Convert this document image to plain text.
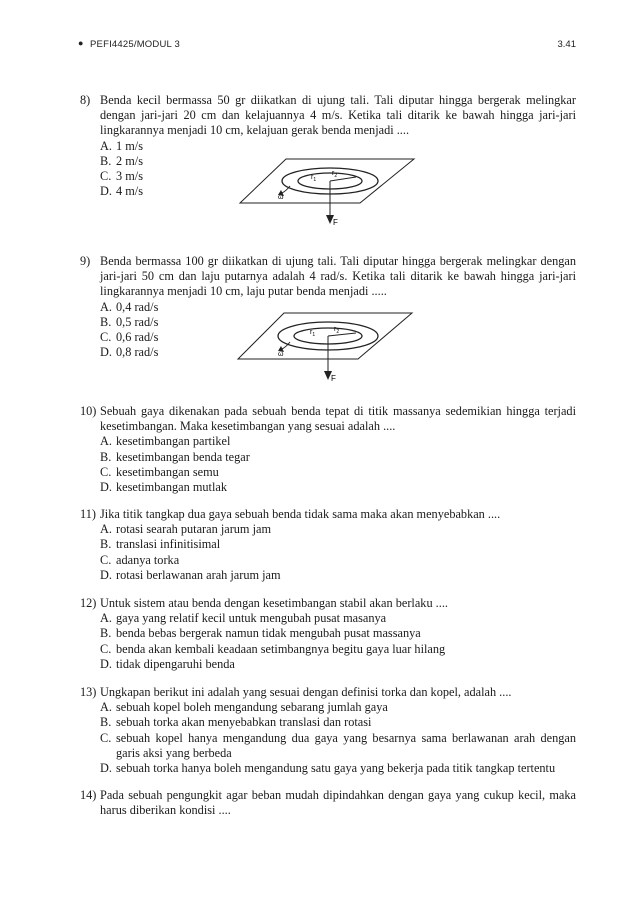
● PEFI4425/MODUL 3	3.41
8) Benda kecil bermassa 50 gr diikatkan di ujung tali. Tali diputar hingga bergerak melingkar dengan jari-jari 20 cm dan kelajuannya 4 m/s. Ketika tali ditarik ke bawah hingga jari-jari lingkarannya menjadi 10 cm, kelajuan gerak benda menjadi ....
A. 1 m/s
B. 2 m/s
C. 3 m/s
D. 4 m/s
$r_1$
$r_2$
ω
F
9) Benda bermassa 100 gr diikatkan di ujung tali. Tali diputar hingga bergerak melingkar dengan jari-jari 50 cm dan laju putarnya adalah 4 rad/s. Ketika tali ditarik ke bawah hingga jari-jari lingkarannya menjadi 10 cm, laju putar benda menjadi .....
A. 0,4 rad/s
B. 0,5 rad/s
C. 0,6 rad/s
D. 0,8 rad/s
$r_1$
$r_2$
ω
F
10) Sebuah gaya dikenakan pada sebuah benda tepat di titik massanya sedemikian hingga terjadi kesetimbangan. Maka kesetimbangan yang sesuai adalah ....
A. kesetimbangan partikel
B. kesetimbangan benda tegar
C. kesetimbangan semu
D. kesetimbangan mutlak
11) Jika titik tangkap dua gaya sebuah benda tidak sama maka akan menyebabkan ....
A. rotasi searah putaran jarum jam
B. translasi infinitisimal
C. adanya torka
D. rotasi berlawanan arah jarum jam
12) Untuk sistem atau benda dengan kesetimbangan stabil akan berlaku ....
A. gaya yang relatif kecil untuk mengubah pusat masanya
B. benda bebas bergerak namun tidak mengubah pusat massanya
C. benda akan kembali keadaan setimbangnya begitu gaya luar hilang
D. tidak dipengaruhi benda
13) Ungkapan berikut ini adalah yang sesuai dengan definisi torka dan kopel, adalah ....
A. sebuah kopel boleh mengandung sebarang jumlah gaya
B. sebuah torka akan menyebabkan translasi dan rotasi
C. sebuah kopel hanya mengandung dua gaya yang besarnya sama berlawanan arah dengan garis aksi yang berbeda
D. sebuah torka hanya boleh mengandung satu gaya yang bekerja pada titik tangkap tertentu
14) Pada sebuah pengungkit agar beban mudah dipindahkan dengan gaya yang cukup kecil, maka harus diberikan kondisi ....
